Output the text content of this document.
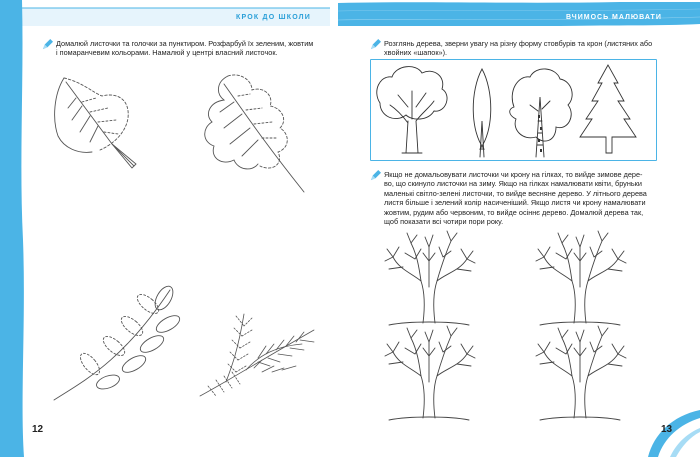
КРОК ДО ШКОЛИ	ВЧИМОСЬ МАЛЮВАТИ
Домалюй листочки та голочки за пунктиром. Розфарбуй їх зеленим, жовтим
і помаранчевим кольорами. Намалюй у центрі власний листочок.
12
Розглянь дерева, зверни увагу на різну форму стовбурів та крон (листяних або
хвойних «шапок»).
Якщо не домальовувати листочки чи крону на гілках, то вийде зимове дере-
во, що скинуло листочки на зиму. Якщо на гілках намалювати квіти, бруньки
маленькі світло-зелені листочки, то вийде весняне дерево. У літнього дерева
листя більше і зелений колір насиченіший. Якщо листя чи крону намалювати
жовтим, рудим або червоним, то вийде осіннє дерево. Домалюй дерева так,
щоб показати всі чотири пори року.
13
